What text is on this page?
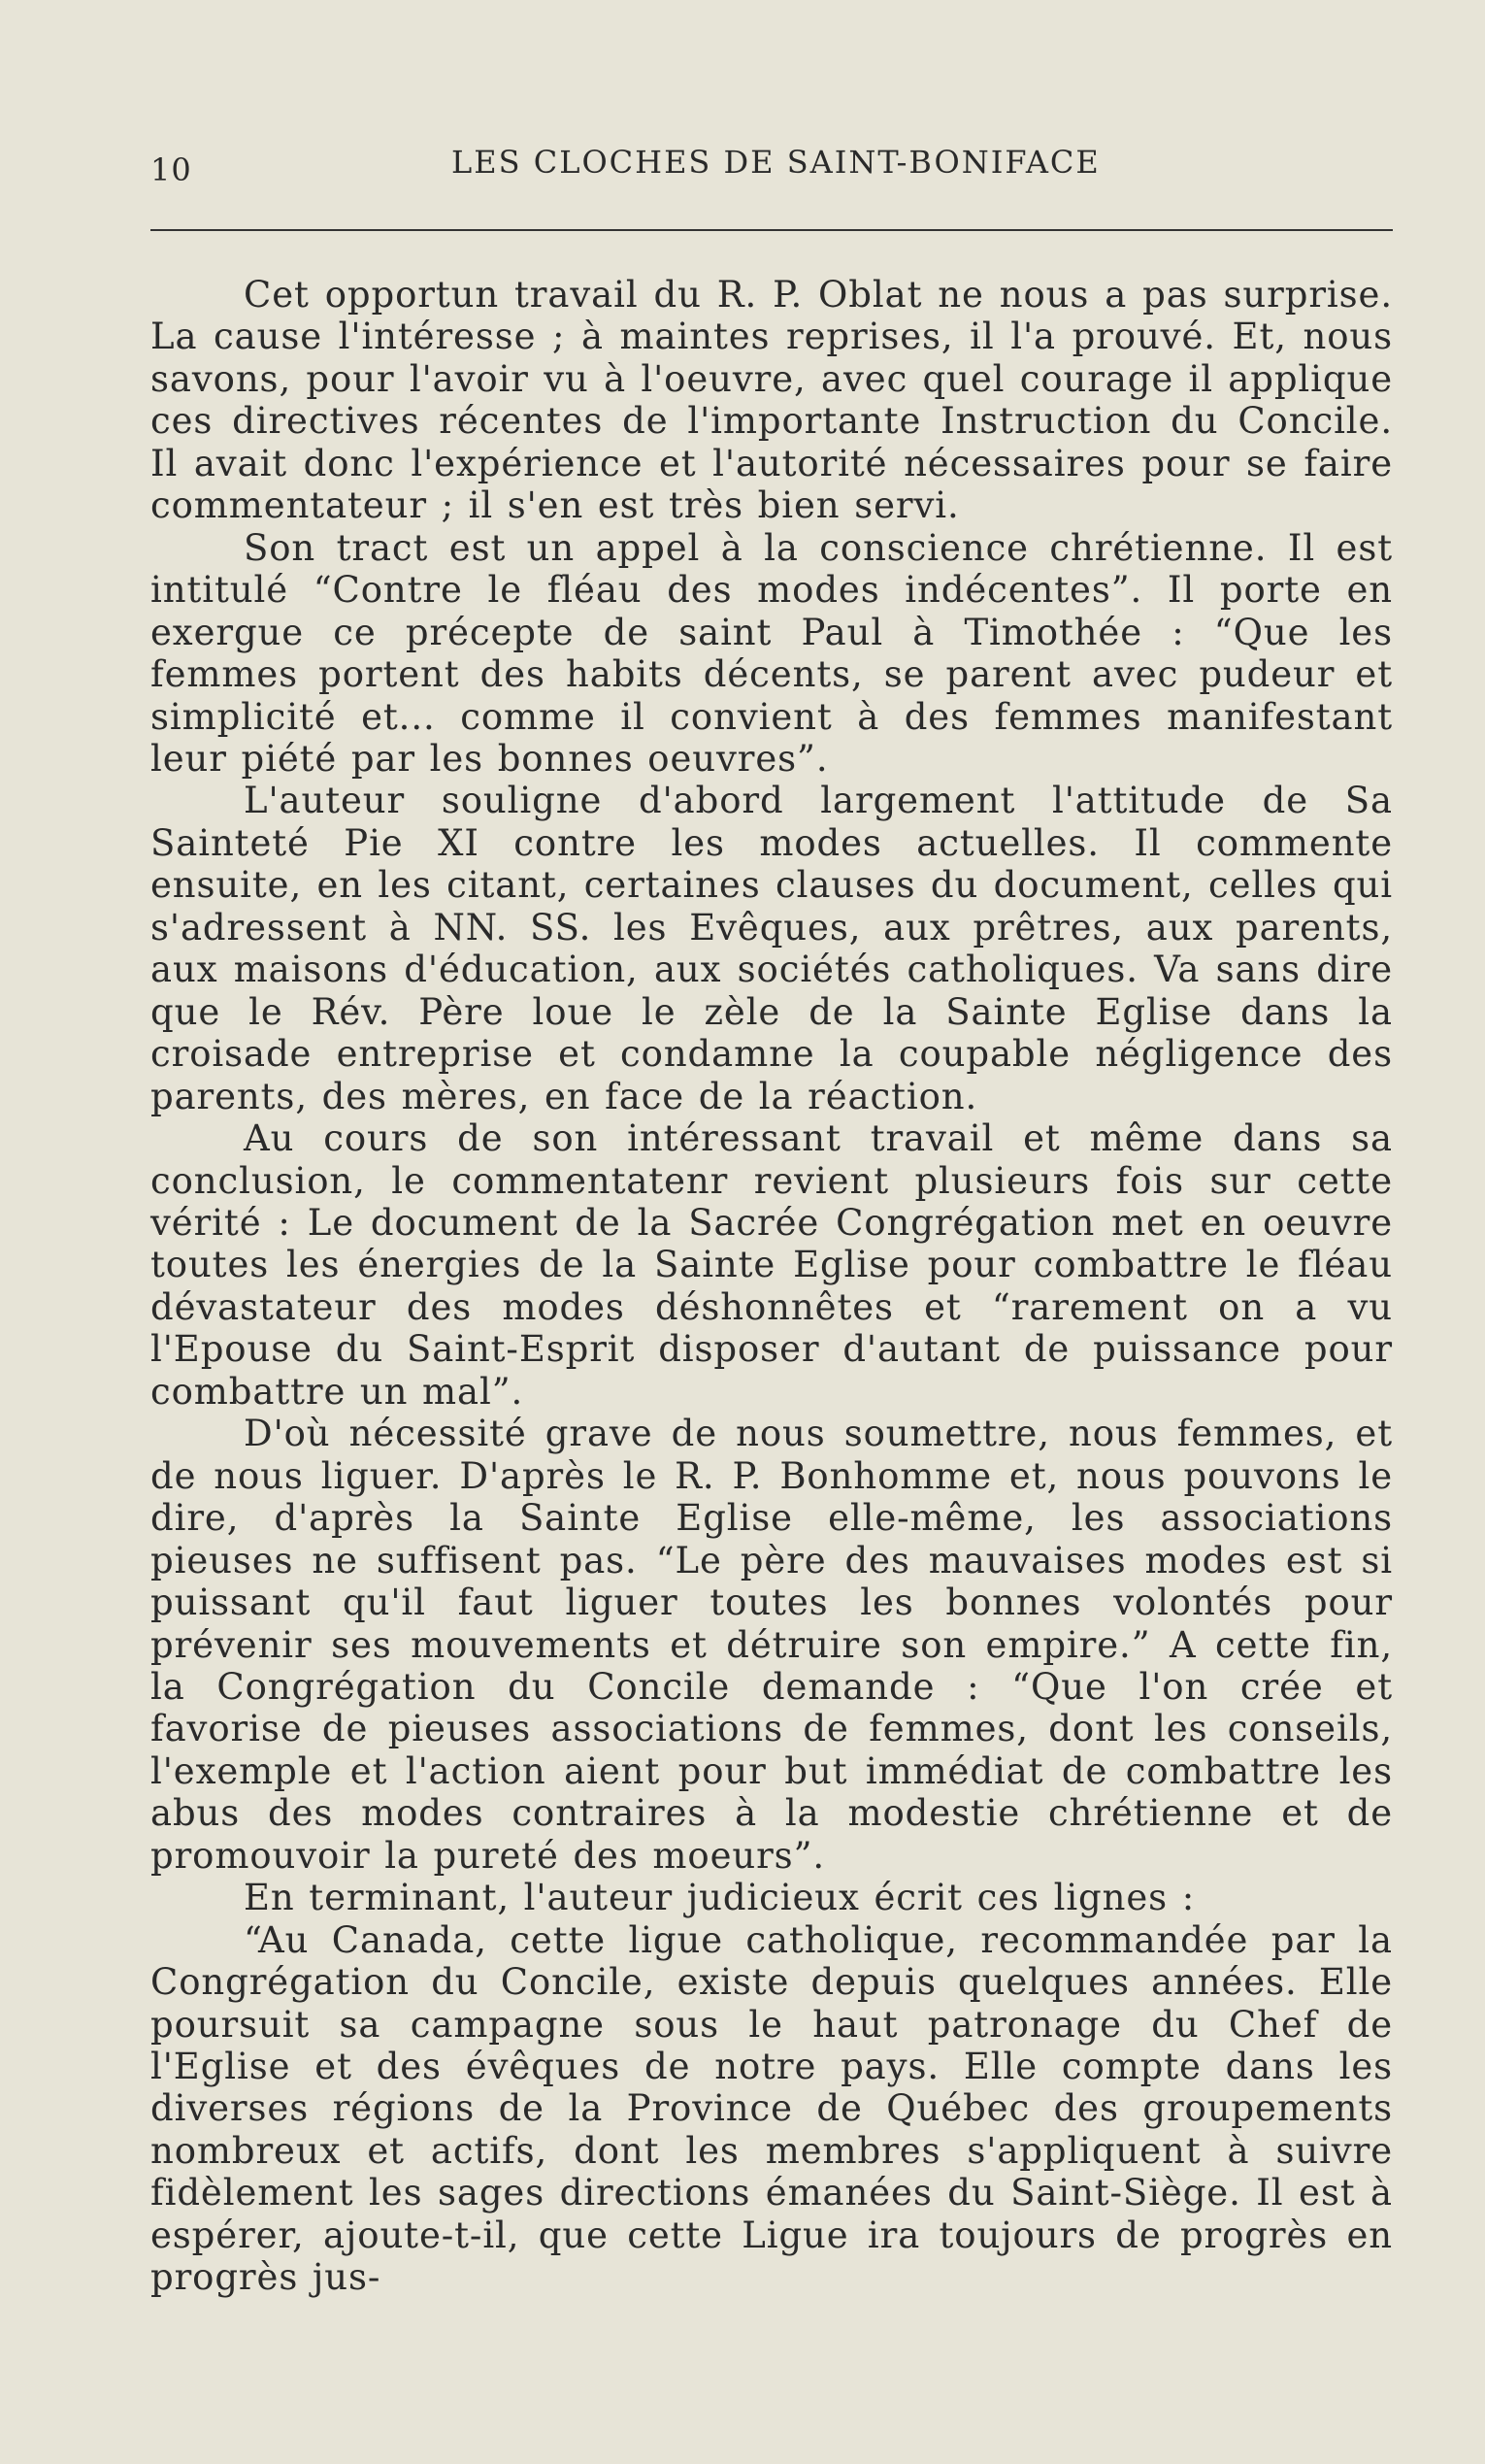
10	LES CLOCHES DE SAINT-BONIFACE

Cet opportun travail du R. P. Oblat ne nous a pas surprise. La cause l'intéresse ; à maintes reprises, il l'a prouvé. Et, nous savons, pour l'avoir vu à l'oeuvre, avec quel courage il applique ces directives récentes de l'importante Instruction du Concile. Il avait donc l'expérience et l'autorité nécessaires pour se faire commentateur ; il s'en est très bien servi.

Son tract est un appel à la conscience chrétienne. Il est intitulé “Contre le fléau des modes indécentes”. Il porte en exergue ce précepte de saint Paul à Timothée : “Que les femmes portent des habits décents, se parent avec pudeur et simplicité et... comme il convient à des femmes manifestant leur piété par les bonnes oeuvres”.

L'auteur souligne d'abord largement l'attitude de Sa Sainteté Pie XI contre les modes actuelles. Il commente ensuite, en les citant, certaines clauses du document, celles qui s'adressent à NN. SS. les Evêques, aux prêtres, aux parents, aux maisons d'éducation, aux sociétés catholiques. Va sans dire que le Rév. Père loue le zèle de la Sainte Eglise dans la croisade entreprise et condamne la coupable négligence des parents, des mères, en face de la réaction.

Au cours de son intéressant travail et même dans sa conclusion, le commentatenr revient plusieurs fois sur cette vérité : Le document de la Sacrée Congrégation met en oeuvre toutes les énergies de la Sainte Eglise pour combattre le fléau dévastateur des modes déshonnêtes et “rarement on a vu l'Epouse du Saint-Esprit disposer d'autant de puissance pour combattre un mal”.

D'où nécessité grave de nous soumettre, nous femmes, et de nous liguer. D'après le R. P. Bonhomme et, nous pouvons le dire, d'après la Sainte Eglise elle-même, les associations pieuses ne suffisent pas. “Le père des mauvaises modes est si puissant qu'il faut liguer toutes les bonnes volontés pour prévenir ses mouvements et détruire son empire.” A cette fin, la Congrégation du Concile demande : “Que l'on crée et favorise de pieuses associations de femmes, dont les conseils, l'exemple et l'action aient pour but immédiat de combattre les abus des modes contraires à la modestie chrétienne et de promouvoir la pureté des moeurs”.

En terminant, l'auteur judicieux écrit ces lignes :

“Au Canada, cette ligue catholique, recommandée par la Congrégation du Concile, existe depuis quelques années. Elle poursuit sa campagne sous le haut patronage du Chef de l'Eglise et des évêques de notre pays. Elle compte dans les diverses régions de la Province de Québec des groupements nombreux et actifs, dont les membres s'appliquent à suivre fidèlement les sages directions émanées du Saint-Siège. Il est à espérer, ajoute-t-il, que cette Ligue ira toujours de progrès en progrès jus-
